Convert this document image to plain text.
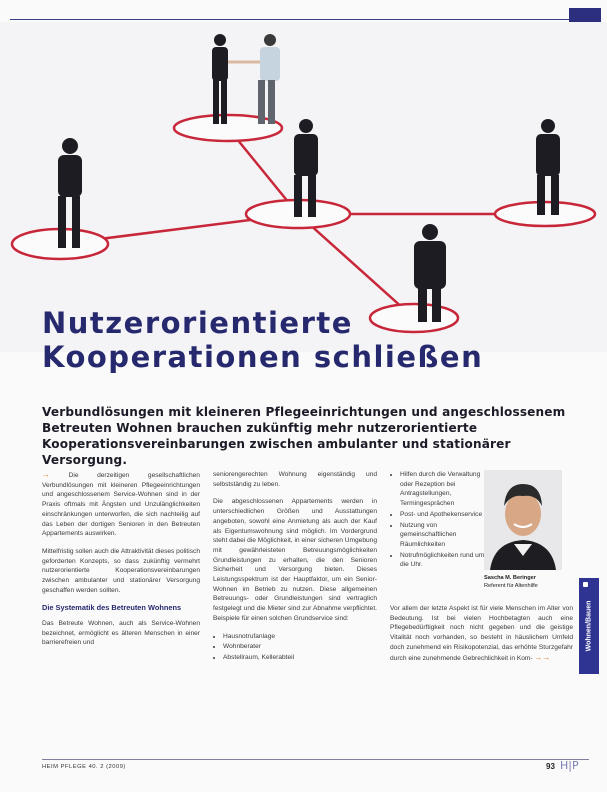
Nutzerorientierte
Kooperationen schließen

Verbundlösungen mit kleineren Pflegeeinrichtungen und angeschlossenem Betreuten Wohnen brauchen zukünftig mehr nutzerorientierte Kooperationsvereinbarungen zwischen ambulanter und stationärer Versorgung.

→	Die derzeitigen gesellschaftlichen Verbundlösungen mit kleineren Pflegeeinrichtungen und angeschlossenem Service-Wohnen sind in der Praxis oftmals mit Ängsten und Unzulänglichkeiten einschränkungen unterworfen, die sich nachteilig auf das Leben der dortigen Senioren in den Betreuten Appartements auswirken.

Mittelfristig sollen auch die Attraktivität dieses politisch geforderten Konzepts, so dass zukünftig vermehrt nutzerorientierte Kooperationsvereinbarungen zwischen ambulanter und stationärer Versorgung geschaffen werden sollten.

Die Systematik des Betreuten Wohnens

Das Betreute Wohnen, auch als Service-Wohnen bezeichnet, ermöglicht es älteren Menschen in einer barrierefreien und

seniorengerechten Wohnung eigenständig und selbstständig zu leben.

Die abgeschlossenen Appartements werden in unterschiedlichen Größen und Ausstattungen angeboten, sowohl eine Anmietung als auch der Kauf als Eigentumswohnung sind möglich. Im Vordergrund steht dabei die Möglichkeit, in einer sicheren Umgebung mit gewährleisteten Betreuungsmöglichkeiten Grundleistungen zu erhalten, die den Senioren Sicherheit und Versorgung bieten. Dieses Leistungsspektrum ist der Hauptfaktor, um ein Senior-Wohnen im Betrieb zu nutzen. Diese allgemeinen Betreuungs- oder Grundleistungen sind vertraglich festgelegt und die Mieter sind zur Abnahme verpflichtet. Beispiele für einen solchen Grundservice sind:

• Hausnotrufanlage
• Wohnberater
• Abstellraum, Kellerabteil
• Hilfen durch die Verwaltung oder Rezeption bei Antragstellungen, Termingesprächen
• Post- und Apothekenservice
• Nutzung von gemeinschaftlichen Räumlichkeiten
• Notrufmöglichkeiten rund um die Uhr.
Sascha M. Beringer
Referent für Altenhilfe

Vor allem der letzte Aspekt ist für viele Menschen im Alter von Bedeutung. Ist bei vielen Hochbetagten auch eine Pflegebedürftigkeit noch nicht gegeben und die geistige Vitalität noch vorhanden, so besteht in häuslichem Umfeld doch zunehmend ein Risikopotenzial, das erhöhte Sturzgefahr durch eine zunehmende Gebrechlichkeit in Kom- →→

Wohnen/Bauen
HEIM PFLEGE 40. 2 (2009)	93 H|P
